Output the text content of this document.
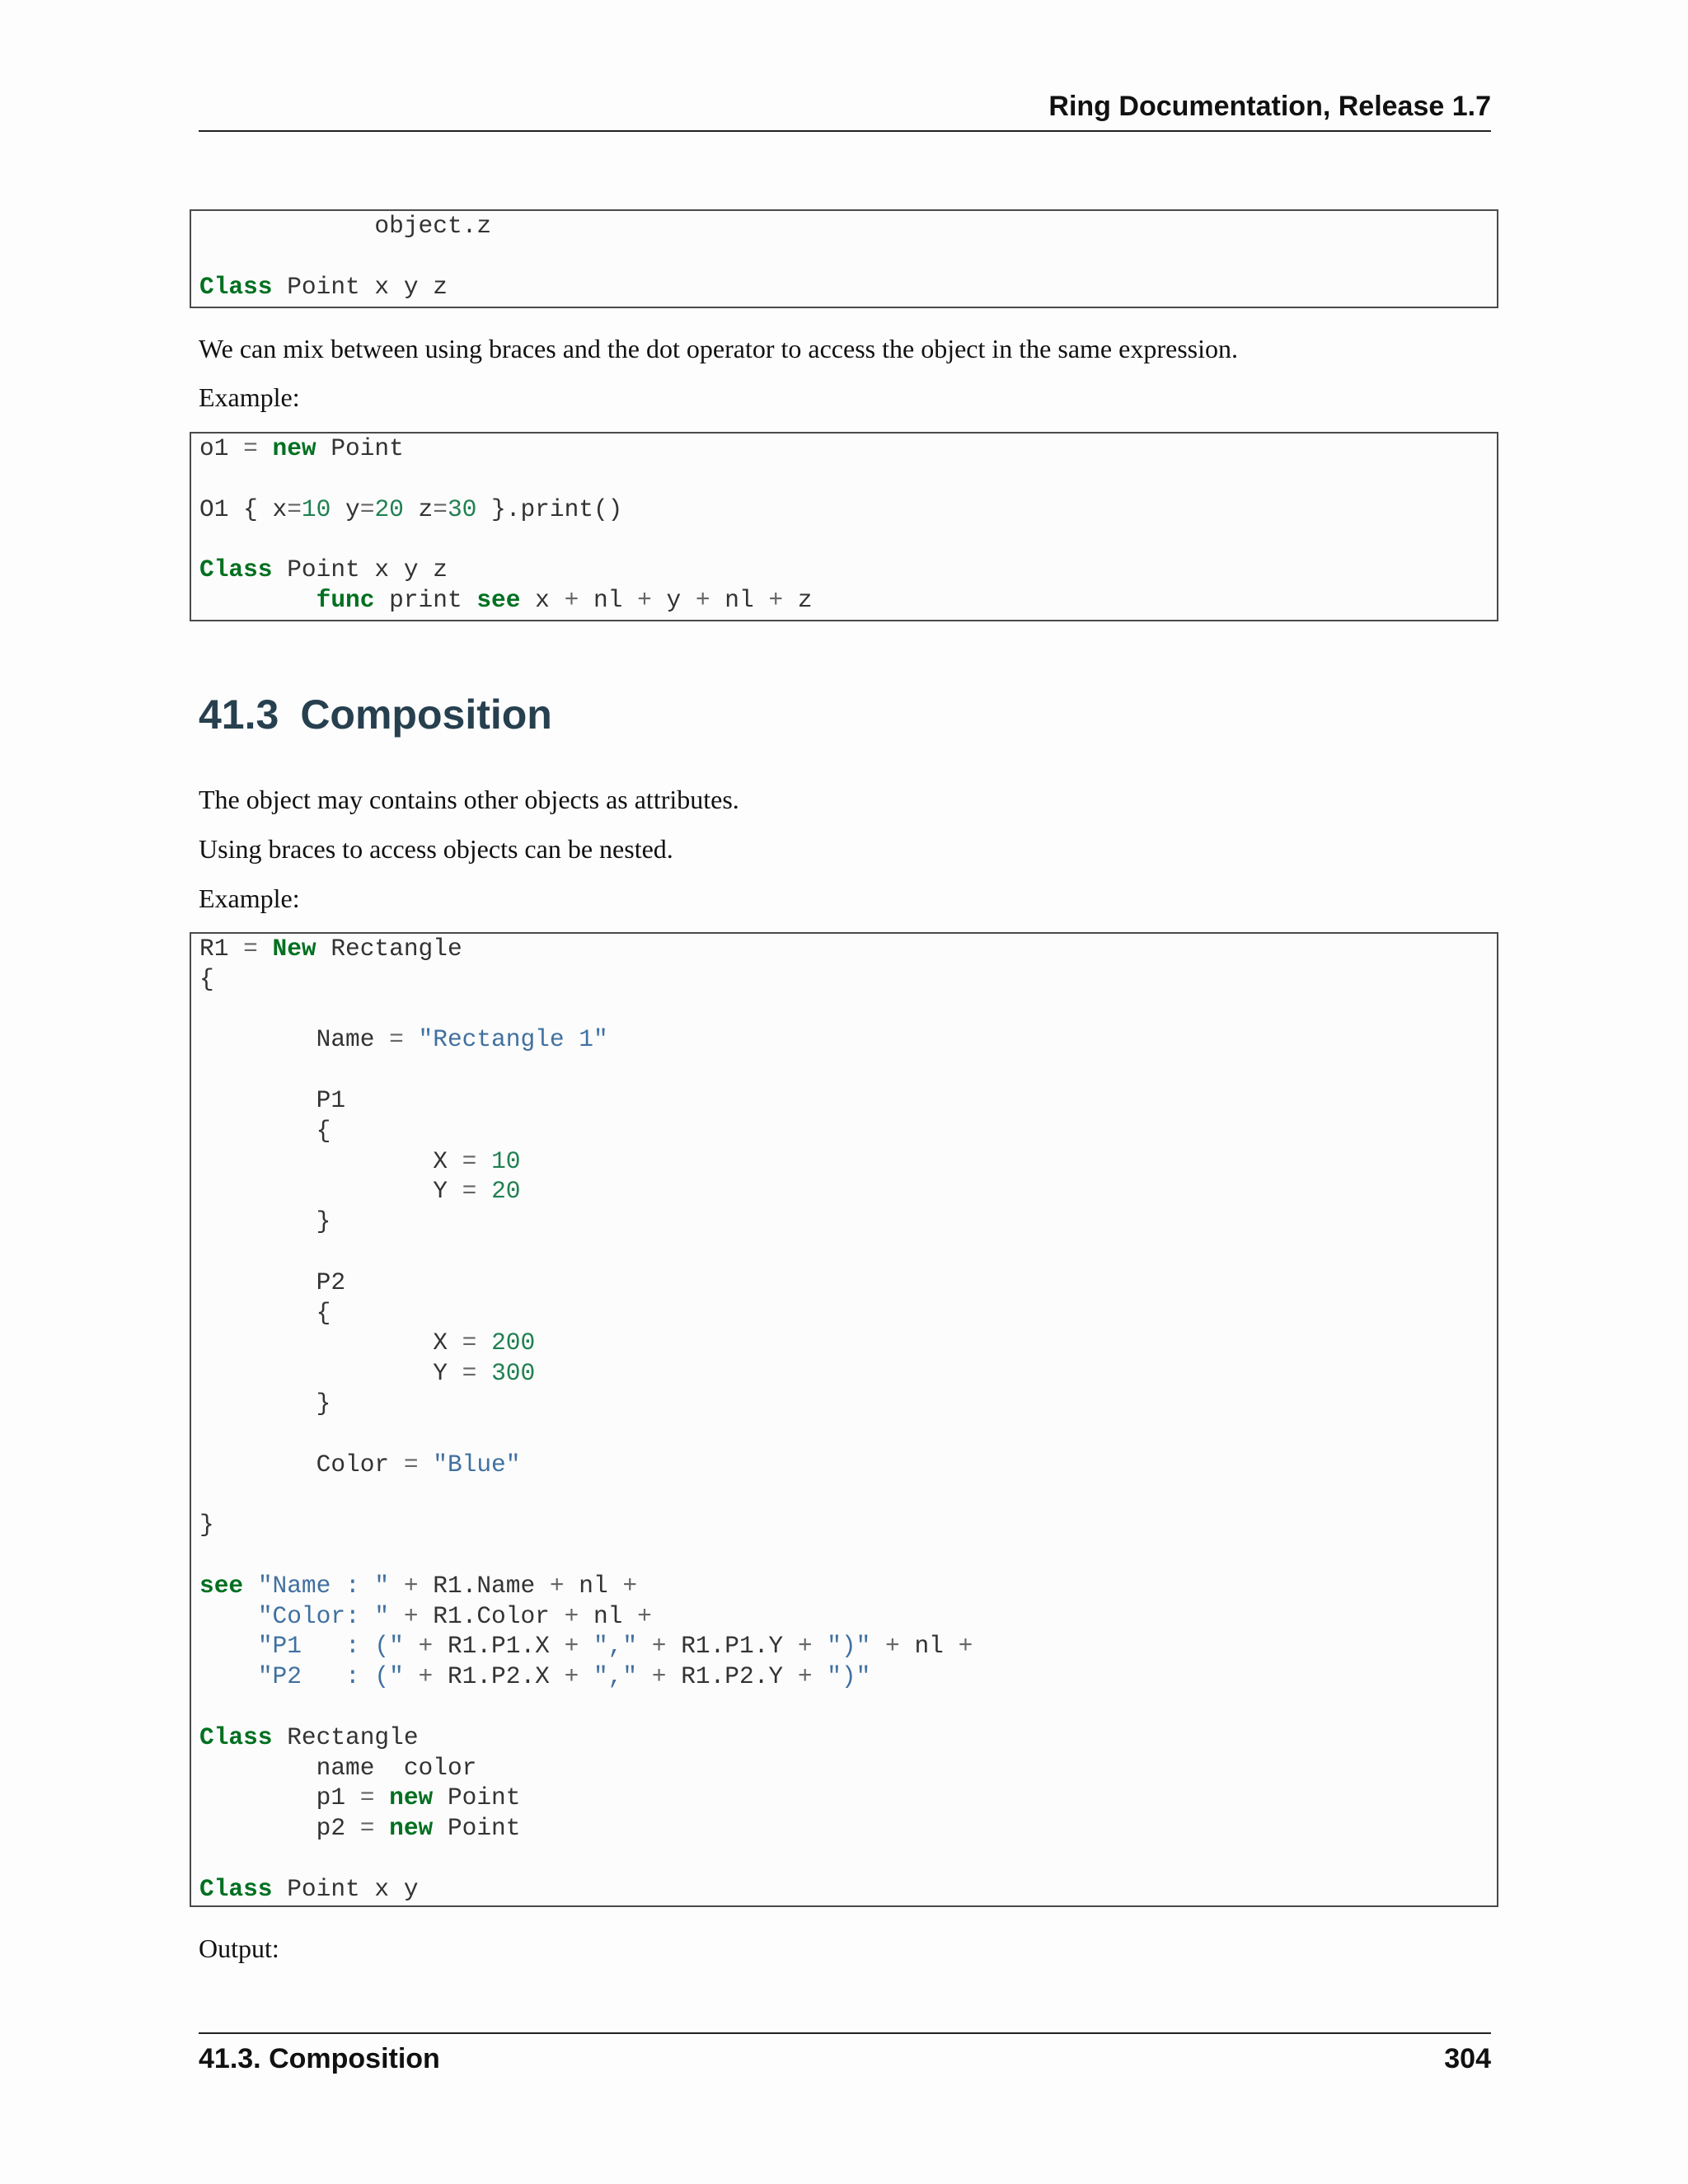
Ring Documentation, Release 1.7
object.z

Class Point x y z

We can mix between using braces and the dot operator to access the object in the same expression.

Example:

o1 = new Point

O1 { x=10 y=20 z=30 }.print()

Class Point x y z
func print see x + nl + y + nl + z
41.3 Composition

The object may contains other objects as attributes.

Using braces to access objects can be nested.

Example:

R1 = New Rectangle
{

Name = "Rectangle 1"

P1
{
X = 10
Y = 20
}

P2
{
X = 200
Y = 300
}

Color = "Blue"

}

see "Name : " + R1.Name + nl +
"Color: " + R1.Color + nl +
"P1   : (" + R1.P1.X + "," + R1.P1.Y + ")" + nl +
"P2   : (" + R1.P2.X + "," + R1.P2.Y + ")"

Class Rectangle
name  color
p1 = new Point
p2 = new Point

Class Point x y

Output:

41.3. Composition	304
